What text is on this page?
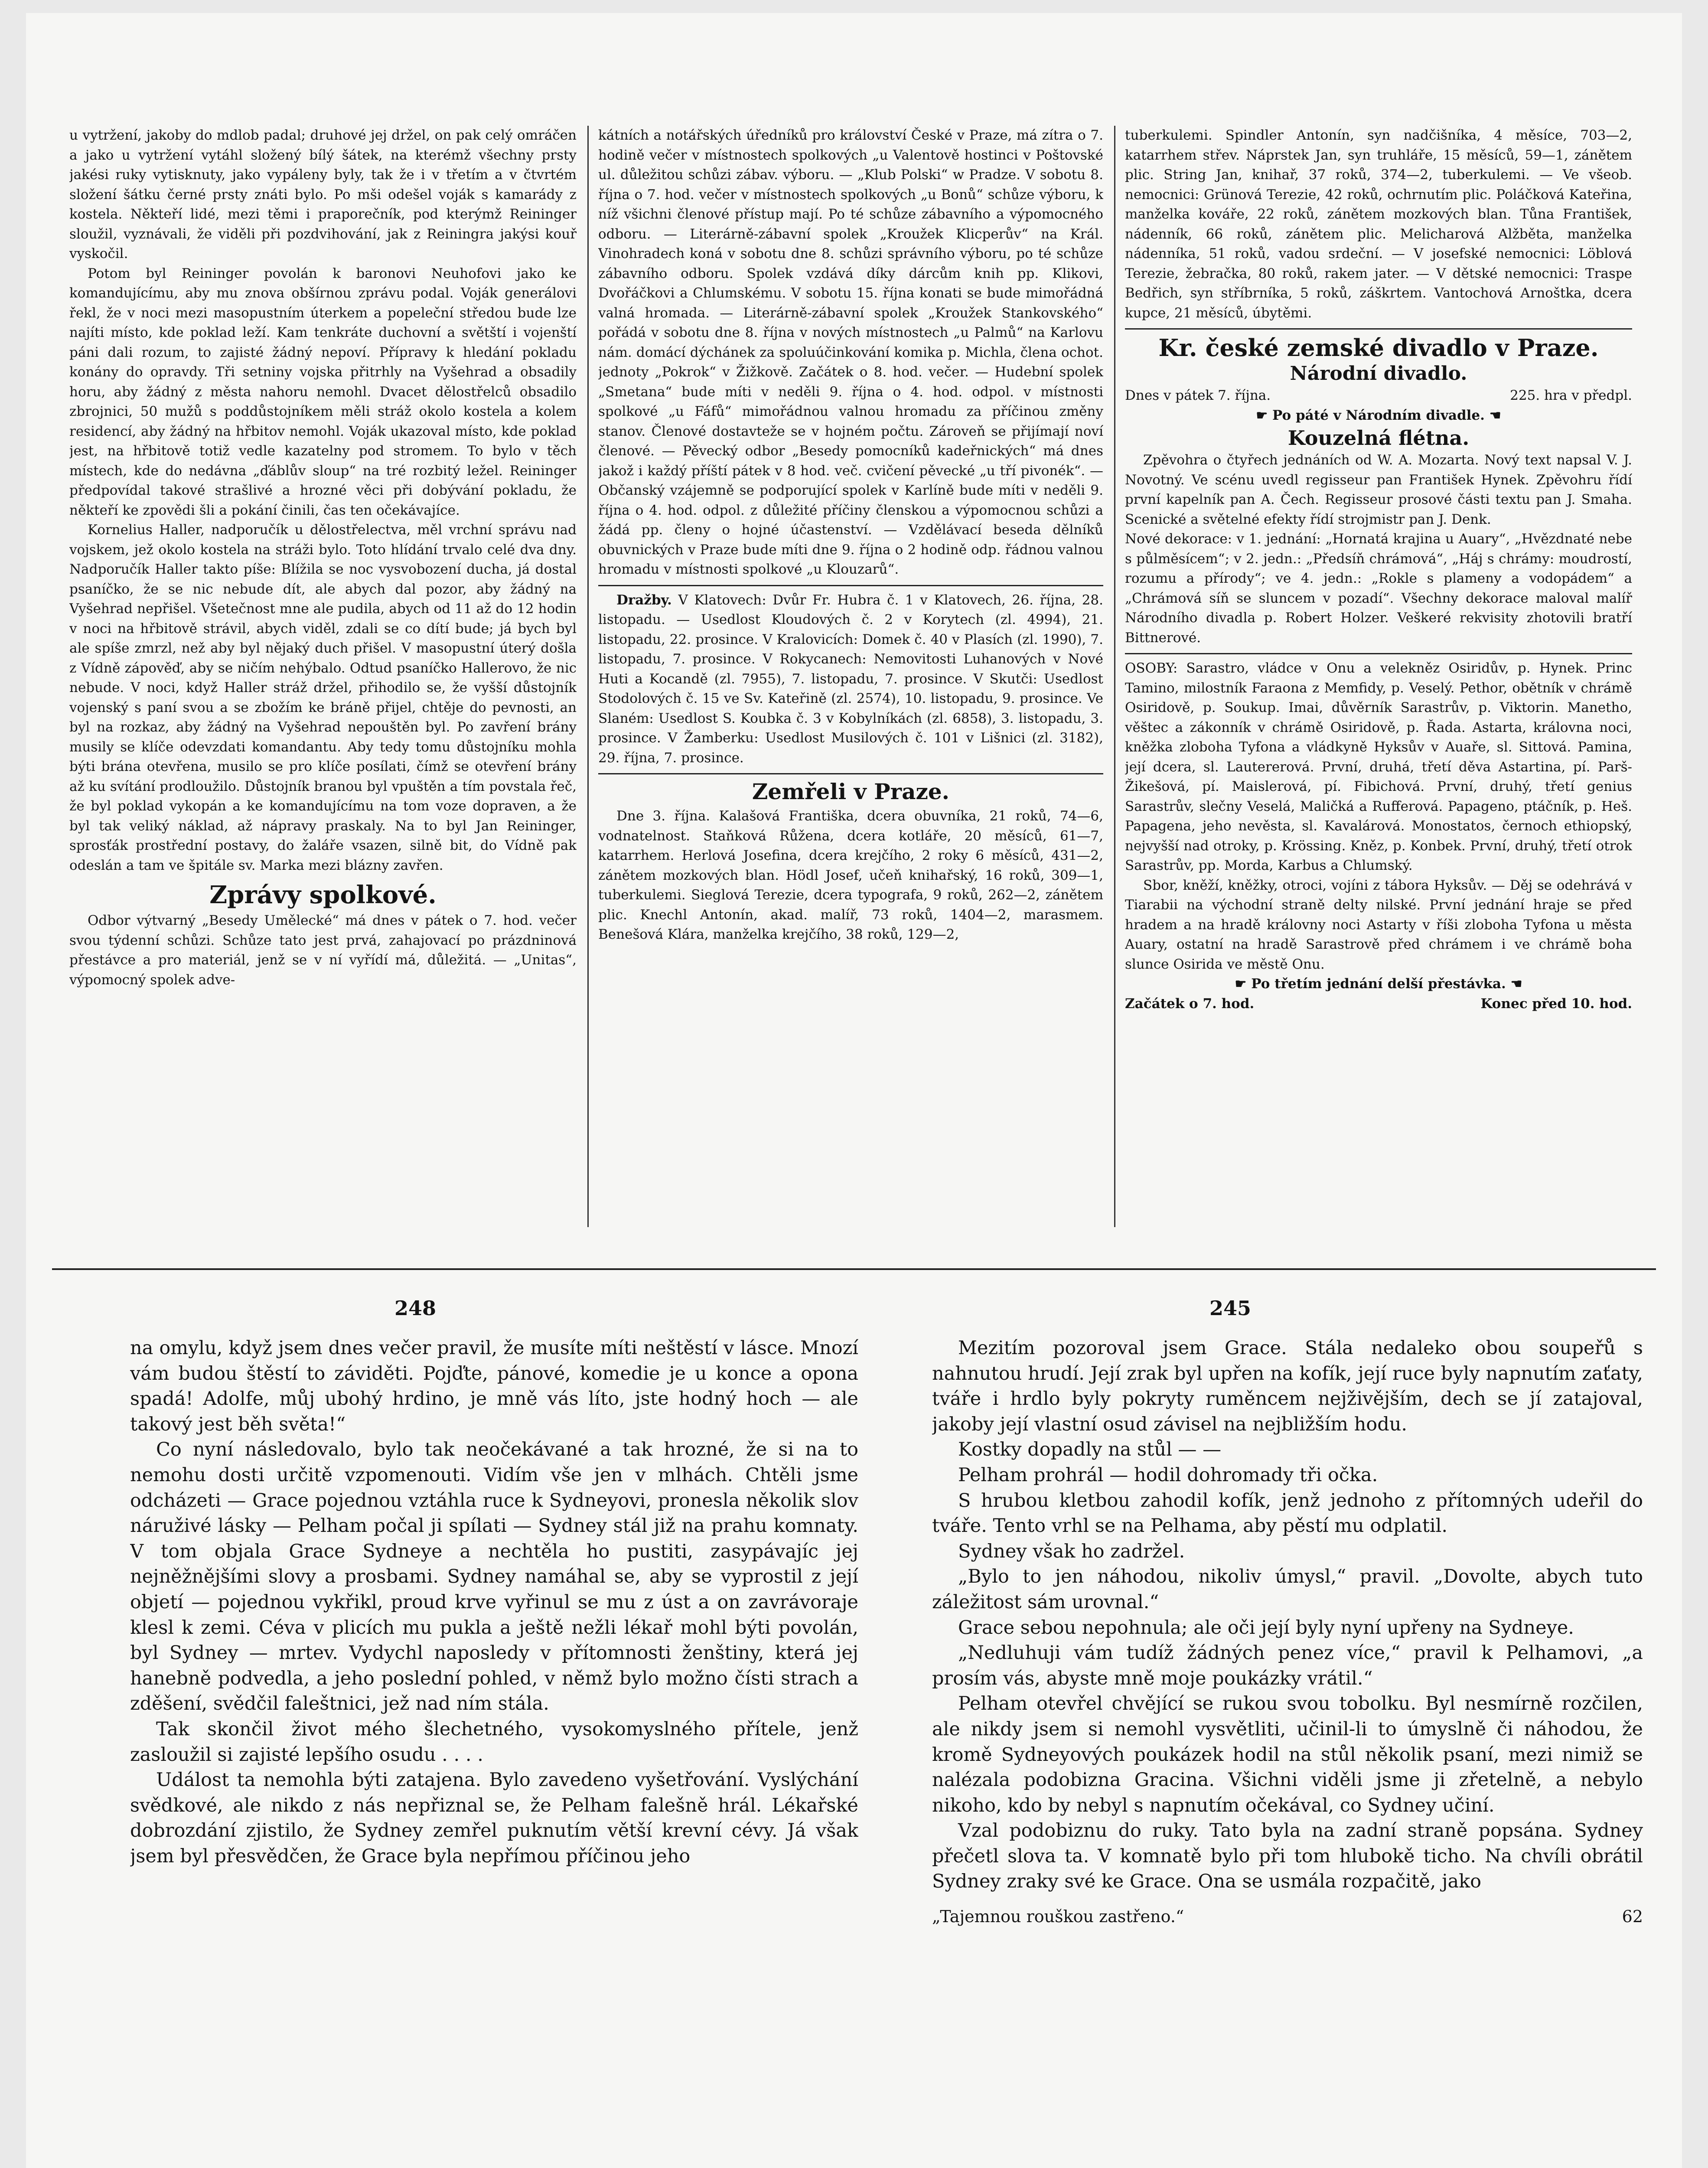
u vytržení, jakoby do mdlob padal; druhové jej držel, on pak celý omráčen a jako u vytržení vytáhl složený bílý šátek, na kterémž všechny prsty jakési ruky vytisknuty, jako vypáleny byly, tak že i v třetím a v čtvrtém složení šátku černé prsty znáti bylo. Po mši odešel voják s kamarády z kostela. Někteří lidé, mezi těmi i praporečník, pod kterýmž Reininger sloužil, vyznávali, že viděli při pozdvihování, jak z Reiningra jakýsi kouř vyskočil.

Potom byl Reininger povolán k baronovi Neuhofovi jako ke komandujícímu, aby mu znova obšírnou zprávu podal. Voják generálovi řekl, že v noci mezi masopustním úterkem a popeleční středou bude lze najíti místo, kde poklad leží. Kam tenkráte duchovní a světští i vojenští páni dali rozum, to zajisté žádný nepoví. Přípravy k hledání pokladu konány do opravdy. Tři setniny vojska přitrhly na Vyšehrad a obsadily horu, aby žádný z města nahoru nemohl. Dvacet dělostřelců obsadilo zbrojnici, 50 mužů s poddůstojníkem měli stráž okolo kostela a kolem residencí, aby žádný na hřbitov nemohl. Voják ukazoval místo, kde poklad jest, na hřbitově totiž vedle kazatelny pod stromem. To bylo v těch místech, kde do nedávna „ďáblův sloup“ na tré rozbitý ležel. Reininger předpovídal takové strašlivé a hrozné věci při dobývání pokladu, že někteří ke zpovědi šli a pokání činili, čas ten očekávajíce.

Kornelius Haller, nadporučík u dělostřelectva, měl vrchní správu nad vojskem, jež okolo kostela na stráži bylo. Toto hlídání trvalo celé dva dny. Nadporučík Haller takto píše: Blížila se noc vysvobození ducha, já dostal psaníčko, že se nic nebude dít, ale abych dal pozor, aby žádný na Vyšehrad nepřišel. Všetečnost mne ale pudila, abych od 11 až do 12 hodin v noci na hřbitově strávil, abych viděl, zdali se co dítí bude; já bych byl ale spíše zmrzl, než aby byl nějaký duch přišel. V masopustní úterý došla z Vídně zápověď, aby se ničím nehýbalo. Odtud psaníčko Hallerovo, že nic nebude. V noci, když Haller stráž držel, přihodilo se, že vyšší důstojník vojenský s paní svou a se zbožím ke bráně přijel, chtěje do pevnosti, an byl na rozkaz, aby žádný na Vyšehrad nepouštěn byl. Po zavření brány musily se klíče odevzdati komandantu. Aby tedy tomu důstojníku mohla býti brána otevřena, musilo se pro klíče posílati, čímž se otevření brány až ku svítání prodloužilo. Důstojník branou byl vpuštěn a tím povstala řeč, že byl poklad vykopán a ke komandujícímu na tom voze dopraven, a že byl tak veliký náklad, až nápravy praskaly. Na to byl Jan Reininger, sprosťák prostřední postavy, do žaláře vsazen, silně bit, do Vídně pak odeslán a tam ve špitále sv. Marka mezi blázny zavřen.

Zprávy spolkové.

Odbor výtvarný „Besedy Umělecké“ má dnes v pátek o 7. hod. večer svou týdenní schůzi. Schůze tato jest prvá, zahajovací po prázdninová přestávce a pro materiál, jenž se v ní vyřídí má, důležitá. — „Unitas“, výpomocný spolek adve-

kátních a notářských úředníků pro království České v Praze, má zítra o 7. hodině večer v místnostech spolkových „u Valentově hostinci v Poštovské ul. důležitou schůzi zábav. výboru. — „Klub Polski“ w Pradze. V sobotu 8. října o 7. hod. večer v místnostech spolkových „u Bonů“ schůze výboru, k níž všichni členové přístup mají. Po té schůze zábavního a výpomocného odboru. — Literárně-zábavní spolek „Kroužek Klicperův“ na Král. Vinohradech koná v sobotu dne 8. schůzi správního výboru, po té schůze zábavního odboru. Spolek vzdává díky dárcům knih pp. Klikovi, Dvořáčkovi a Chlumskému. V sobotu 15. října konati se bude mimořádná valná hromada. — Literárně-zábavní spolek „Kroužek Stankovského“ pořádá v sobotu dne 8. října v nových místnostech „u Palmů“ na Karlovu nám. domácí dýchánek za spoluúčinkování komika p. Michla, člena ochot. jednoty „Pokrok“ v Žižkově. Začátek o 8. hod. večer. — Hudební spolek „Smetana“ bude míti v neděli 9. října o 4. hod. odpol. v místnosti spolkové „u Fáfů“ mimořádnou valnou hromadu za příčinou změny stanov. Členové dostavteže se v hojném počtu. Zároveň se přijímají noví členové. — Pěvecký odbor „Besedy pomocníků kadeřnických“ má dnes jakož i každý příští pátek v 8 hod. več. cvičení pěvecké „u tří pivonék“. — Občanský vzájemně se podporující spolek v Karlíně bude míti v neděli 9. října o 4. hod. odpol. z důležité příčiny členskou a výpomocnou schůzi a žádá pp. členy o hojné účastenství. — Vzdělávací beseda dělníků obuvnických v Praze bude míti dne 9. října o 2 hodině odp. řádnou valnou hromadu v místnosti spolkové „u Klouzarů“.

Dražby. V Klatovech: Dvůr Fr. Hubra č. 1 v Klatovech, 26. října, 28. listopadu. — Usedlost Kloudových č. 2 v Korytech (zl. 4994), 21. listopadu, 22. prosince. V Kralovicích: Domek č. 40 v Plasích (zl. 1990), 7. listopadu, 7. prosince. V Rokycanech: Nemovitosti Luhanových v Nové Huti a Kocandě (zl. 7955), 7. listopadu, 7. prosince. V Skutči: Usedlost Stodolových č. 15 ve Sv. Kateřině (zl. 2574), 10. listopadu, 9. prosince. Ve Slaném: Usedlost S. Koubka č. 3 v Kobylníkách (zl. 6858), 3. listopadu, 3. prosince. V Žamberku: Usedlost Musilových č. 101 v Lišnici (zl. 3182), 29. října, 7. prosince.

Zemřeli v Praze.

Dne 3. října. Kalašová Františka, dcera obuvníka, 21 roků, 74—6, vodnatelnost. Staňková Růžena, dcera kotláře, 20 měsíců, 61—7, katarrhem. Herlová Josefina, dcera krejčího, 2 roky 6 měsíců, 431—2, zánětem mozkových blan. Hödl Josef, učeň knihařský, 16 roků, 309—1, tuberkulemi. Sieglová Terezie, dcera typografa, 9 roků, 262—2, zánětem plic. Knechl Antonín, akad. malíř, 73 roků, 1404—2, marasmem. Benešová Klára, manželka krejčího, 38 roků, 129—2,

tuberkulemi. Spindler Antonín, syn nadčišníka, 4 měsíce, 703—2, katarrhem střev. Náprstek Jan, syn truhláře, 15 měsíců, 59—1, zánětem plic. String Jan, knihař, 37 roků, 374—2, tuberkulemi. — Ve všeob. nemocnici: Grünová Terezie, 42 roků, ochrnutím plic. Poláčková Kateřina, manželka kováře, 22 roků, zánětem mozkových blan. Tůna František, nádenník, 66 roků, zánětem plic. Melicharová Alžběta, manželka nádenníka, 51 roků, vadou srdeční. — V josefské nemocnici: Löblová Terezie, žebračka, 80 roků, rakem jater. — V dětské nemocnici: Traspe Bedřich, syn stříbrníka, 5 roků, záškrtem. Vantochová Arnoštka, dcera kupce, 21 měsíců, úbytěmi.

Kr. české zemské divadlo v Praze.
Národní divadlo.
Dnes v pátek 7. října.	225. hra v předpl.
☛ Po páté v Národním divadle. ☚
Kouzelná flétna.

Zpěvohra o čtyřech jednáních od W. A. Mozarta. Nový text napsal V. J. Novotný. Ve scénu uvedl regisseur pan František Hynek. Zpěvohru řídí první kapelník pan A. Čech. Regisseur prosové části textu pan J. Smaha. Scenické a světelné efekty řídí strojmistr pan J. Denk.

Nové dekorace: v 1. jednání: „Hornatá krajina u Auary“, „Hvězdnaté nebe s půlměsícem“; v 2. jedn.: „Předsíň chrámová“, „Háj s chrámy: moudrostí, rozumu a přírody“; ve 4. jedn.: „Rokle s plameny a vodopádem“ a „Chrámová síň se sluncem v pozadí“. Všechny dekorace maloval malíř Národního divadla p. Robert Holzer. Veškeré rekvisity zhotovili bratří Bittnerové.

OSOBY: Sarastro, vládce v Onu a velekněz Osiridův, p. Hynek. Princ Tamino, milostník Faraona z Memfidy, p. Veselý. Pethor, obětník v chrámě Osiridově, p. Soukup. Imai, důvěrník Sarastrův, p. Viktorin. Manetho, věštec a zákonník v chrámě Osiridově, p. Řada. Astarta, královna noci, kněžka zloboha Tyfona a vládkyně Hyksův v Auaře, sl. Sittová. Pamina, její dcera, sl. Lautererová. První, druhá, třetí děva Astartina, pí. Parš-Žikešová, pí. Maislerová, pí. Fibichová. První, druhý, třetí genius Sarastrův, slečny Veselá, Maličká a Rufferová. Papageno, ptáčník, p. Heš. Papagena, jeho nevěsta, sl. Kavalárová. Monostatos, černoch ethiopský, nejvyšší nad otroky, p. Krössing. Kněz, p. Konbek. První, druhý, třetí otrok Sarastrův, pp. Morda, Karbus a Chlumský.

Sbor, kněží, kněžky, otroci, vojíni z tábora Hyksův. — Děj se odehrává v Tiarabii na východní straně delty nilské. První jednání hraje se před hradem a na hradě královny noci Astarty v říši zloboha Tyfona u města Auary, ostatní na hradě Sarastrově před chrámem i ve chrámě boha slunce Osirida ve městě Onu.

☛ Po třetím jednání delší přestávka. ☚
Začátek o 7. hod.	Konec před 10. hod.
248	245

na omylu, když jsem dnes večer pravil, že musíte míti neštěstí v lásce. Mnozí vám budou štěstí to záviděti. Pojďte, pánové, komedie je u konce a opona spadá! Adolfe, můj ubohý hrdino, je mně vás líto, jste hodný hoch — ale takový jest běh světa!“

Co nyní následovalo, bylo tak neočekávané a tak hrozné, že si na to nemohu dosti určitě vzpomenouti. Vidím vše jen v mlhách. Chtěli jsme odcházeti — Grace pojednou vztáhla ruce k Sydneyovi, pronesla několik slov náruživé lásky — Pelham počal ji spílati — Sydney stál již na prahu komnaty. V tom objala Grace Sydneye a nechtěla ho pustiti, zasypávajíc jej nejněžnějšími slovy a prosbami. Sydney namáhal se, aby se vyprostil z její objetí — pojednou vykřikl, proud krve vyřinul se mu z úst a on zavrávoraje klesl k zemi. Céva v plicích mu pukla a ještě nežli lékař mohl býti povolán, byl Sydney — mrtev. Vydychl naposledy v přítomnosti ženštiny, která jej hanebně podvedla, a jeho poslední pohled, v němž bylo možno čísti strach a zděšení, svědčil faleštnici, jež nad ním stála.

Tak skončil život mého šlechetného, vysokomyslného přítele, jenž zasloužil si zajisté lepšího osudu . . . .

Událost ta nemohla býti zatajena. Bylo zavedeno vyšetřování. Vyslýchání svědkové, ale nikdo z nás nepřiznal se, že Pelham falešně hrál. Lékařské dobrozdání zjistilo, že Sydney zemřel puknutím větší krevní cévy. Já však jsem byl přesvědčen, že Grace byla nepřímou příčinou jeho

Mezitím pozoroval jsem Grace. Stála nedaleko obou soupeřů s nahnutou hrudí. Její zrak byl upřen na kofík, její ruce byly napnutím zaťaty, tváře i hrdlo byly pokryty ruměncem nejživějším, dech se jí zatajoval, jakoby její vlastní osud závisel na nejbližším hodu.

Kostky dopadly na stůl — —

Pelham prohrál — hodil dohromady tři očka.

S hrubou kletbou zahodil kofík, jenž jednoho z přítomných udeřil do tváře. Tento vrhl se na Pelhama, aby pěstí mu odplatil.

Sydney však ho zadržel.

„Bylo to jen náhodou, nikoliv úmysl,“ pravil. „Dovolte, abych tuto záležitost sám urovnal.“

Grace sebou nepohnula; ale oči její byly nyní upřeny na Sydneye.

„Nedluhuji vám tudíž žádných penez více,“ pravil k Pelhamovi, „a prosím vás, abyste mně moje poukázky vrátil.“

Pelham otevřel chvějící se rukou svou tobolku. Byl nesmírně rozčilen, ale nikdy jsem si nemohl vysvětliti, učinil-li to úmyslně či náhodou, že kromě Sydneyových poukázek hodil na stůl několik psaní, mezi nimiž se nalézala podobizna Gracina. Všichni viděli jsme ji zřetelně, a nebylo nikoho, kdo by nebyl s napnutím očekával, co Sydney učiní.

Vzal podobiznu do ruky. Tato byla na zadní straně popsána. Sydney přečetl slova ta. V komnatě bylo při tom hlubokě ticho. Na chvíli obrátil Sydney zraky své ke Grace. Ona se usmála rozpačitě, jako

„Tajemnou rouškou zastřeno.“	62
